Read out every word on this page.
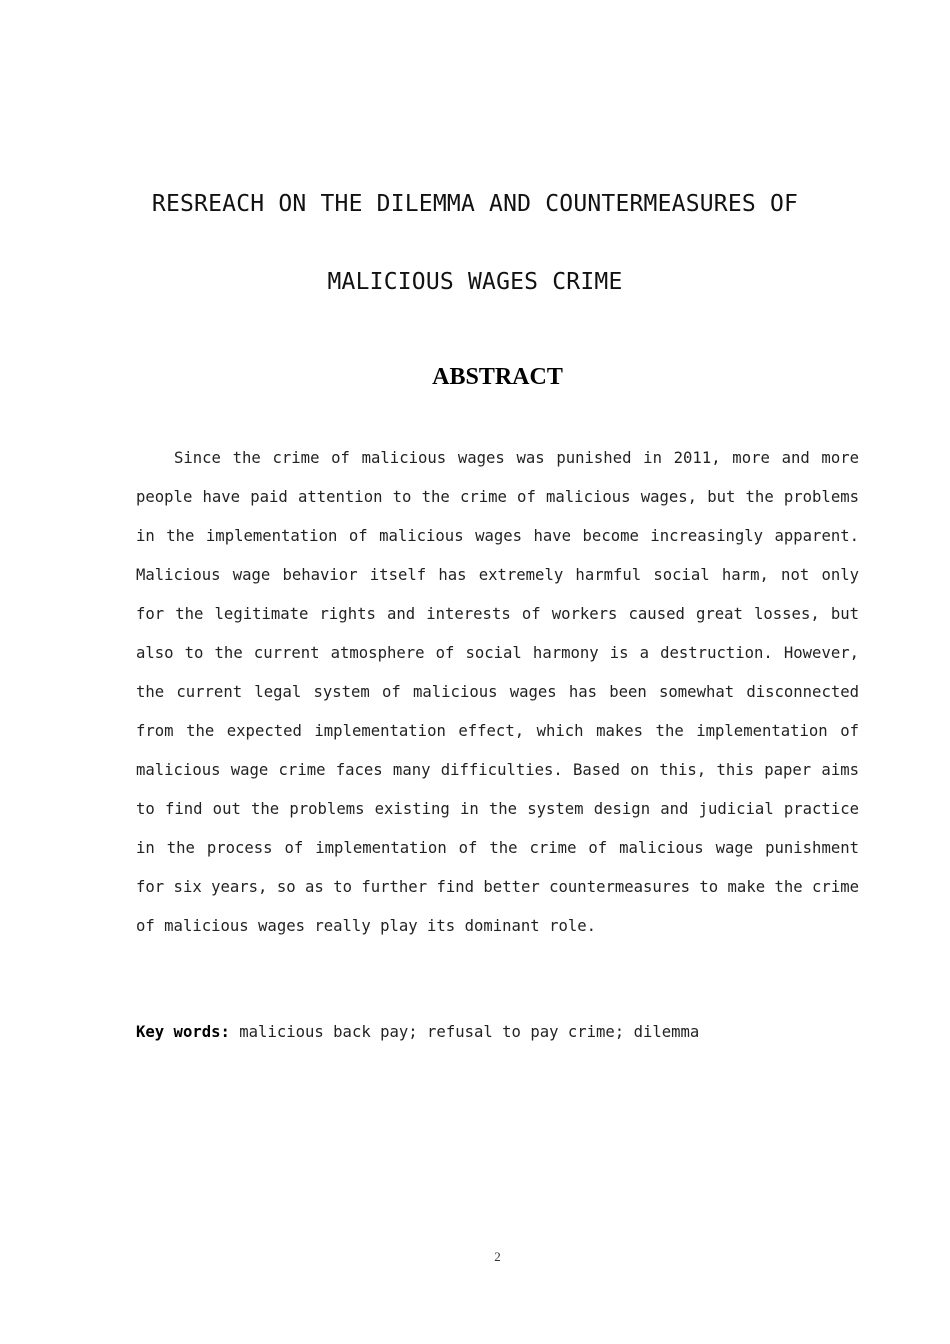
RESREACH ON THE DILEMMA AND COUNTERMEASURES OF
MALICIOUS WAGES CRIME
ABSTRACT

Since the crime of malicious wages was punished in 2011, more and more people have paid attention to the crime of malicious wages, but the problems in the implementation of malicious wages have become increasingly apparent. Malicious wage behavior itself has extremely harmful social harm, not only for the legitimate rights and interests of workers caused great losses, but also to the current atmosphere of social harmony is a destruction. However, the current legal system of malicious wages has been somewhat disconnected from the expected implementation effect, which makes the implementation of malicious wage crime faces many difficulties. Based on this, this paper aims to find out the problems existing in the system design and judicial practice in the process of implementation of the crime of malicious wage punishment for six years, so as to further find better countermeasures to make the crime of malicious wages really play its dominant role.

Key words: malicious back pay; refusal to pay crime; dilemma
2
